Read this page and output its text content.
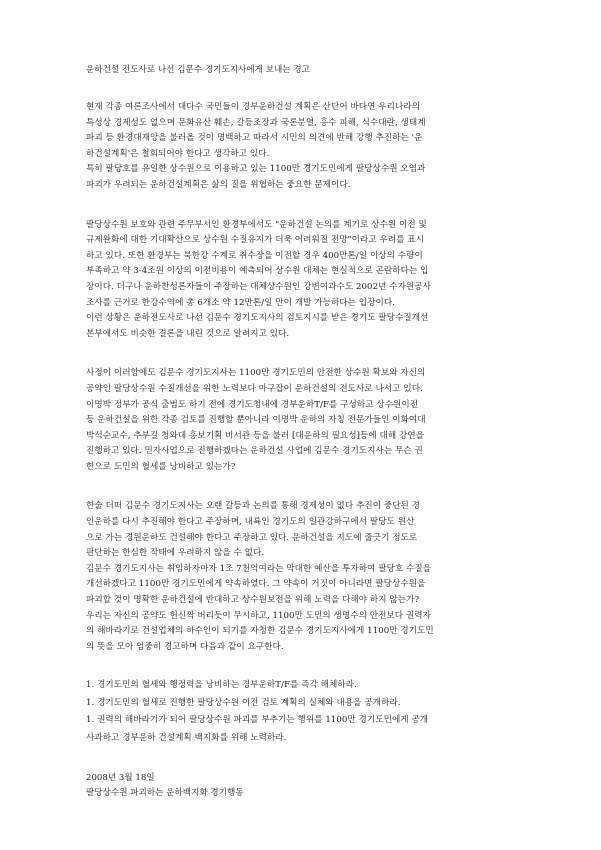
운하건설 전도사로 나선 김문수 경기도지사에게 보내는 경고
현재 각종 여론조사에서 대다수 국민들이 경부운하건설 계획은 산단어 바다연 우리나라의
특성상 경제성도 없으며 문화유산 훼손, 갈등조장과 국론분열, 홍수 피해, 식수대란, 생태계
파괴 등 환경대재앙을 불러올 것이 명백하고 따라서 시민의 의견에 반해 강행 추진하는 '운
하건설계획'은 철회되어야 한다고 생각하고 있다.
특히 팔당호를 유일한 상수원으로 이용하고 있는 1100만 경기도민에게 팔당상수원 오염과
파괴가 우려되는 운하건설계획은 삶의 질을 위협하는 중요한 문제이다.
팔당상수원 보호와 관련 주무부서인 환경부에서도 "운하건설 논의를 계기로 상수원 이전 및
규제완화에 대한 기대확산으로 상수원 수질유지가 더욱 어려워질 전망"이라고 우려를 표시
하고 있다. 또한 환경부는 북한강 수계로 취수장을 이전할 경우 400만톤/일 이상의 수량이
부족하고 약 3-4조원 이상의 이전비용이 예측되어 상수원 대체는 현실적으로 곤란하다는 입
장이다. 더구나 운하찬성론자들이 주장하는 대체상수원인 강변여과수도 2002년 수자원공사
조사를 근거로 한강수역에 총 6개소 약 12만톤/일 만이 개발 가능하다는 입장이다.
이런 상황은 운하전도사로 나선 김문수 경기도지사의 검토지시를 받은 경기도 팔당수질개선
본부에서도 비슷한 결론을 내린 것으로 알려지고 있다.
사정이 이러함에도 김문수 경기도지사는 1100만 경기도민의 안전한 상수원 확보와 자신의
공약인 팔당상수원 수질개선을 위한 노력보다 마구잡이 운하건설의 전도사로 나서고 있다.
이명박 정부가 공식 출범도 하기 전에 경기도청내에 경부운하T/F를 구성하고 상수원이전
등 운하건설을 위한 각종 검토를 진행할 뿐아니라 이명박 운하의 자칭 전문가들인 이화여대
박석순교수, 추부길 청와대 홍보기획 비서관 등을 불러 [대운하의 필요성]등에 대해 강연을
진행하고 있다. 민자사업으로 진행하겠다는 운하건설 사업에 김문수 경기도지사는 무슨 권
한으로 도민의 혈세를 낭비하고 있는가?
한술 더떠 김문수 경기도지사는 오랜 갈등과 논의를 통해 경제성이 없다 추진이 중단된 경
인운하를 다시 추진해야 한다고 주장하며, 내륙인 경기도의 일관강하구에서 팔당도 원산
으로 가는 경원운하도 건설해야 한다고 주장하고 있다. 운하건설을 지도에 줄긋기 정도로
판단하는 한심한 작태에 우려하지 않을 수 없다.
김문수 경기도지사는 취임하자마자 1조 7천억여라는 막대한 예산을 투자하여 팔당호 수질을
개선하겠다고 1100만 경기도민에게 약속하였다. 그 약속이 거짓이 아니라면 팔당상수원을
파괴할 것이 명확한 운하건설에 반대하고 상수원보전을 위해 노력을 다해야 하지 않는가?
우리는 자신의 공약도 헌신짝 버리듯이 무시하고, 1100만 도민의 생명수의 안전보다 권력자
의 해바라기로 건설업체의 하수인이 되기를 자청한 김문수 경기도지사에게 1100만 경기도민
의 뜻을 모아 엄중히 경고하며 다음과 같이 요구한다.
1. 경기도민의 혈세와 행정력을 낭비하는 경부운하T/F를 즉각 해체하라.
1. 경기도민의 혈세로 진행한 팔당상수원 이전 검토 계획의 실체와 내용을 공개하라.
1. 권력의 해바라기가 되어 팔당상수원 파괴를 부추기는 행위를 1100만 경기도민에게 공개
사과하고 경부운하 건설계획 백지화를 위해 노력하라.
2008년 3월 18일
팔당상수원 파괴하는 운하백지화 경기행동
